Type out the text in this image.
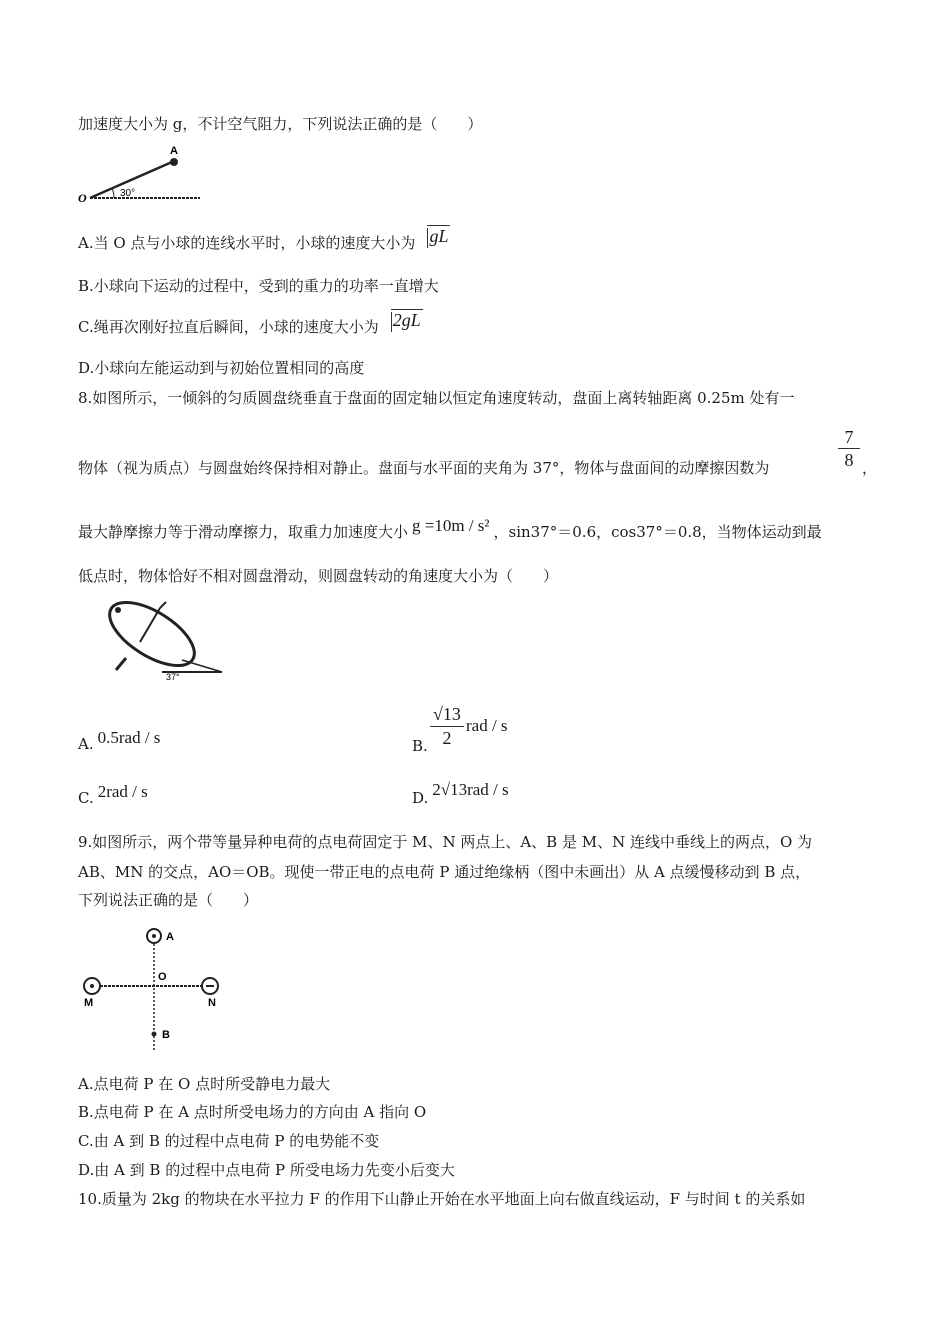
加速度大小为 g，不计空气阻力，下列说法正确的是（　　）
A
O	30°
A.当 O 点与小球的连线水平时，小球的速度大小为 gL
B.小球向下运动的过程中，受到的重力的功率一直增大
C.绳再次刚好拉直后瞬间，小球的速度大小为 2gL
D.小球向左能运动到与初始位置相同的高度
8.如图所示，一倾斜的匀质圆盘绕垂直于盘面的固定轴以恒定角速度转动，盘面上离转轴距离 0.25m 处有一
物体（视为质点）与圆盘始终保持相对静止。盘面与水平面的夹角为 37°，物体与盘面间的动摩擦因数为	$\frac{7}{8}$ ，
最大静摩擦力等于滑动摩擦力，取重力加速度大小 g =10m / s² ，sin37°＝0.6，cos37°＝0.8，当物体运动到最
低点时，物体恰好不相对圆盘滑动，则圆盘转动的角速度大小为（　　）
37°
A. 0.5rad / s	B. $\frac{√13}{2}$ rad / s
C. 2rad / s	D. 2√13rad / s
9.如图所示，两个带等量异种电荷的点电荷固定于 M、N 两点上、A、B 是 M、N 连线中垂线上的两点，O 为
AB、MN 的交点，AO＝OB。现使一带正电的点电荷 P 通过绝缘柄（图中未画出）从 A 点缓慢移动到 B 点，
下列说法正确的是（　　）
A
O
M	N
B
A.点电荷 P 在 O 点时所受静电力最大
B.点电荷 P 在 A 点时所受电场力的方向由 A 指向 O
C.由 A 到 B 的过程中点电荷 P 的电势能不变
D.由 A 到 B 的过程中点电荷 P 所受电场力先变小后变大
10.质量为 2kg 的物块在水平拉力 F 的作用下山静止开始在水平地面上向右做直线运动，F 与时间 t 的关系如
